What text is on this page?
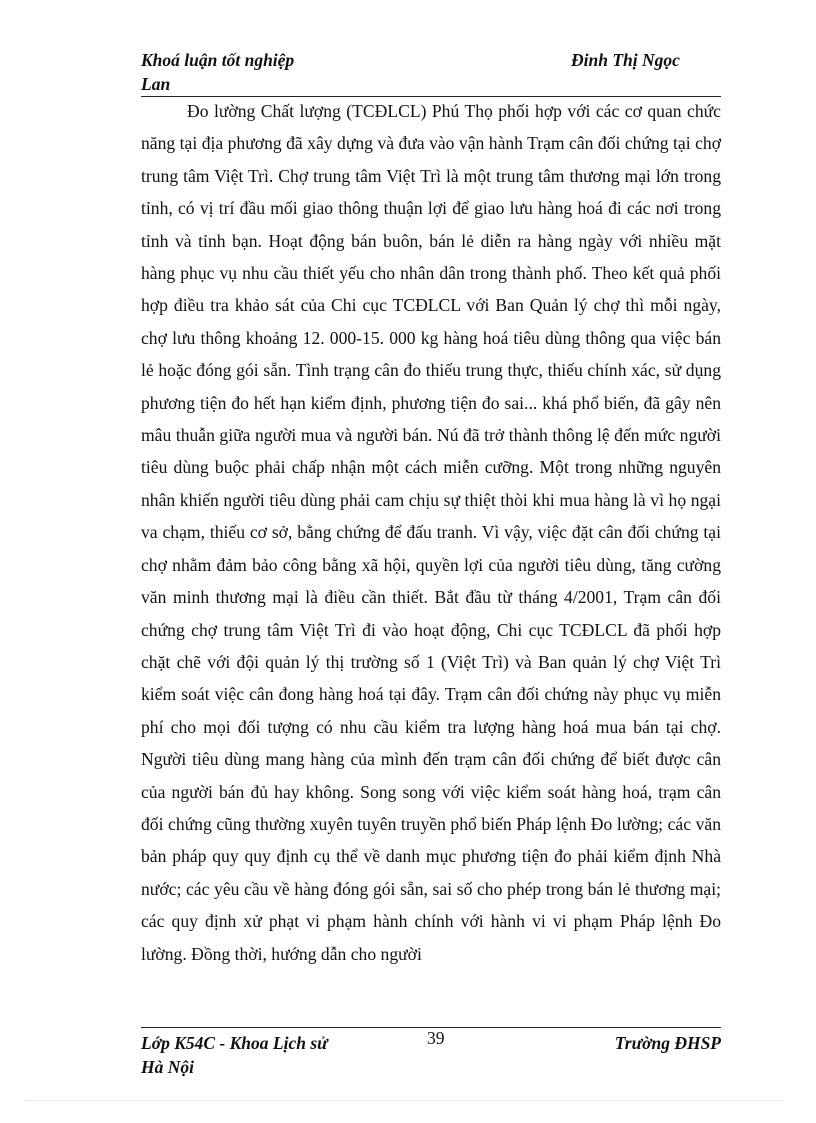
Khoá luận tốt nghiệp	Đinh Thị Ngọc
Lan

Đo lường Chất lượng (TCĐLCL) Phú Thọ phối hợp với các cơ quan chức năng tại địa phương đã xây dựng và đưa vào vận hành Trạm cân đối chứng tại chợ trung tâm Việt Trì. Chợ trung tâm Việt Trì là một trung tâm thương mại lớn trong tỉnh, có vị trí đầu mối giao thông thuận lợi để giao lưu hàng hoá đi các nơi trong tỉnh và tỉnh bạn. Hoạt động bán buôn, bán lẻ diễn ra hàng ngày với nhiều mặt hàng phục vụ nhu cầu thiết yếu cho nhân dân trong thành phố. Theo kết quả phối hợp điều tra khảo sát của Chi cục TCĐLCL với Ban Quản lý chợ thì mỗi ngày, chợ lưu thông khoảng 12. 000-15. 000 kg hàng hoá tiêu dùng thông qua việc bán lẻ hoặc đóng gói sẵn. Tình trạng cân đo thiếu trung thực, thiếu chính xác, sử dụng phương tiện đo hết hạn kiểm định, phương tiện đo sai... khá phổ biến, đã gây nên mâu thuẫn giữa người mua và người bán. Nú đã trở thành thông lệ đến mức người tiêu dùng buộc phải chấp nhận một cách miễn cưỡng. Một trong những nguyên nhân khiến người tiêu dùng phải cam chịu sự thiệt thòi khi mua hàng là vì họ ngại va chạm, thiếu cơ sở, bằng chứng để đấu tranh. Vì vậy, việc đặt cân đối chứng tại chợ nhằm đảm bảo công bằng xã hội, quyền lợi của người tiêu dùng, tăng cường văn minh thương mại là điều cần thiết. Bắt đầu từ tháng 4/2001, Trạm cân đối chứng chợ trung tâm Việt Trì đi vào hoạt động, Chi cục TCĐLCL đã phối hợp chặt chẽ với đội quản lý thị trường số 1 (Việt Trì) và Ban quản lý chợ Việt Trì kiểm soát việc cân đong hàng hoá tại đây. Trạm cân đối chứng này phục vụ miễn phí cho mọi đối tượng có nhu cầu kiểm tra lượng hàng hoá mua bán tại chợ. Người tiêu dùng mang hàng của mình đến trạm cân đối chứng để biết được cân của người bán đủ hay không. Song song với việc kiểm soát hàng hoá, trạm cân đối chứng cũng thường xuyên tuyên truyền phổ biến Pháp lệnh Đo lường; các văn bản pháp quy quy định cụ thể về danh mục phương tiện đo phải kiểm định Nhà nước; các yêu cầu về hàng đóng gói sẵn, sai số cho phép trong bán lẻ thương mại; các quy định xử phạt vi phạm hành chính với hành vi vi phạm Pháp lệnh Đo lường. Đồng thời, hướng dẫn cho người

Lớp K54C - Khoa Lịch sử	39	Trường ĐHSP
Hà Nội
